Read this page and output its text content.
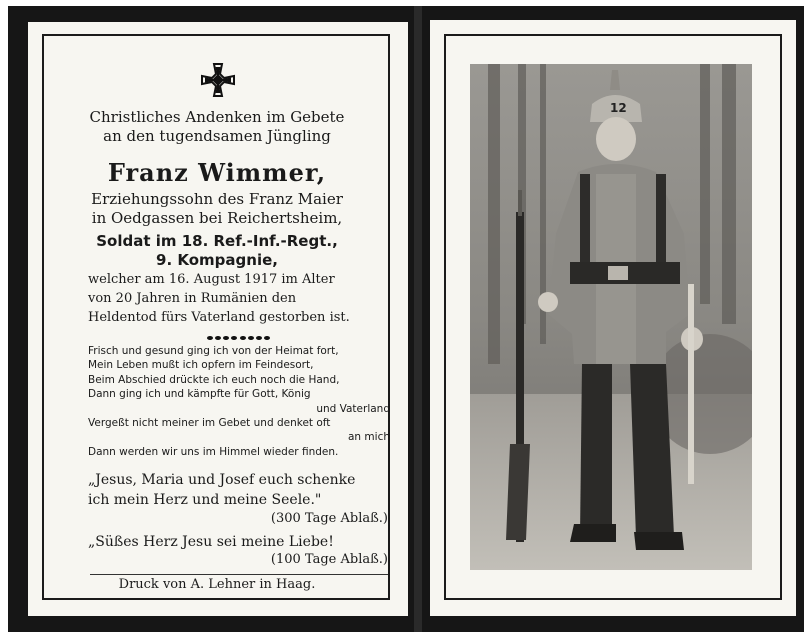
Christliches Andenken im Gebete
an den tugendsamen Jüngling
Franz Wimmer,
Erziehungssohn des Franz Maier
in Oedgassen bei Reichertsheim,
Soldat im 18. Ref.-Inf.-Regt.,
9. Kompagnie,
welcher am 16. August 1917 im Alter
von 20 Jahren in Rumänien den
Heldentod fürs Vaterland gestorben ist.
Frisch und gesund ging ich von der Heimat fort,
Mein Leben mußt ich opfern im Feindesort,
Beim Abschied drückte ich euch noch die Hand,
Dann ging ich und kämpfte für Gott, König
und Vaterland
Vergeßt nicht meiner im Gebet und denket oft
an mich
Dann werden wir uns im Himmel wieder finden.
„Jesus, Maria und Josef euch schenke
ich mein Herz und meine Seele."
(300 Tage Ablaß.)
„Süßes Herz Jesu sei meine Liebe!
(100 Tage Ablaß.)
Druck von A. Lehner in Haag.
12
